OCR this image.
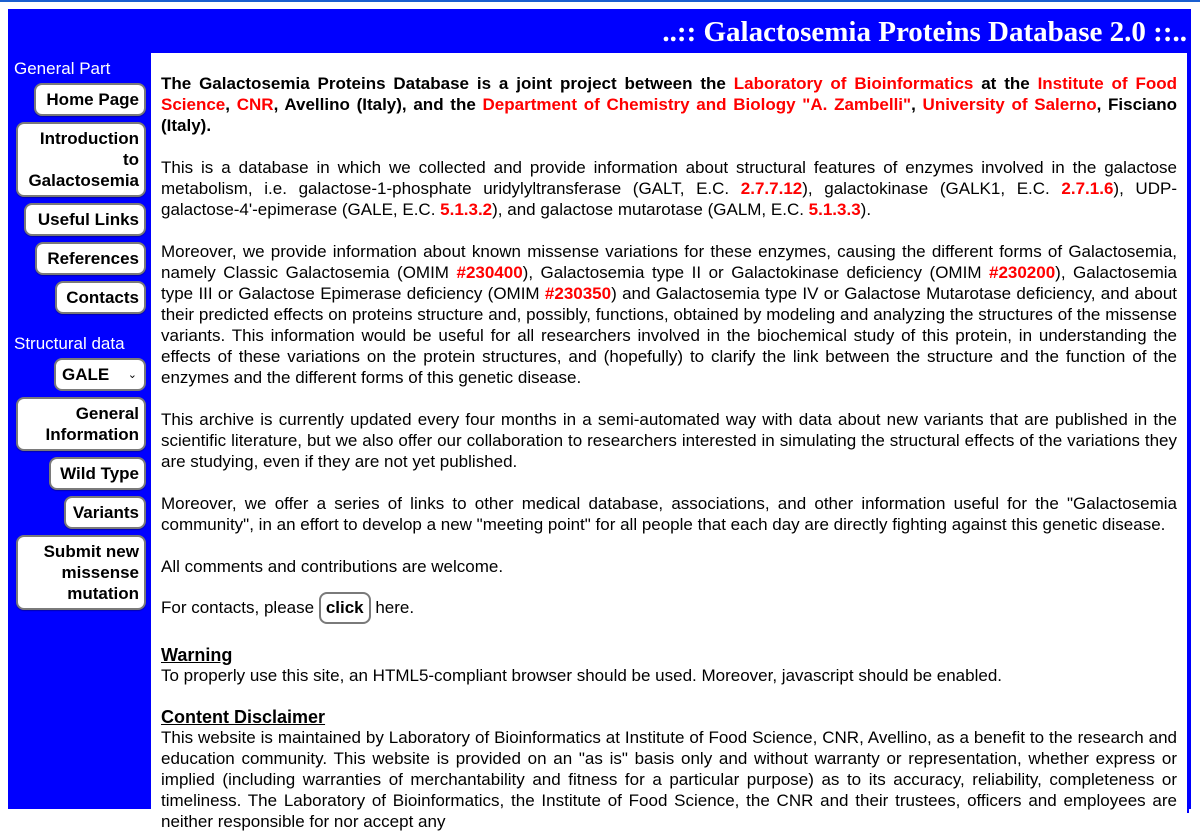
..:: Galactosemia Proteins Database 2.0 ::..
General Part
Home Page
Introduction to Galactosemia
Useful Links
References
Contacts
Structural data
GALE ⌄
General Information
Wild Type
Variants
Submit new missense mutation

The Galactosemia Proteins Database is a joint project between the Laboratory of Bioinformatics at the Institute of Food Science, CNR, Avellino (Italy), and the Department of Chemistry and Biology "A. Zambelli", University of Salerno, Fisciano (Italy).

This is a database in which we collected and provide information about structural features of enzymes involved in the galactose metabolism, i.e. galactose-1-phosphate uridylyltransferase (GALT, E.C. 2.7.7.12), galactokinase (GALK1, E.C. 2.7.1.6), UDP-galactose-4'-epimerase (GALE, E.C. 5.1.3.2), and galactose mutarotase (GALM, E.C. 5.1.3.3).

Moreover, we provide information about known missense variations for these enzymes, causing the different forms of Galactosemia, namely Classic Galactosemia (OMIM #230400), Galactosemia type II or Galactokinase deficiency (OMIM #230200), Galactosemia type III or Galactose Epimerase deficiency (OMIM #230350) and Galactosemia type IV or Galactose Mutarotase deficiency, and about their predicted effects on proteins structure and, possibly, functions, obtained by modeling and analyzing the structures of the missense variants. This information would be useful for all researchers involved in the biochemical study of this protein, in understanding the effects of these variations on the protein structures, and (hopefully) to clarify the link between the structure and the function of the enzymes and the different forms of this genetic disease.

This archive is currently updated every four months in a semi-automated way with data about new variants that are published in the scientific literature, but we also offer our collaboration to researchers interested in simulating the structural effects of the variations they are studying, even if they are not yet published.

Moreover, we offer a series of links to other medical database, associations, and other information useful for the "Galactosemia community", in an effort to develop a new "meeting point" for all people that each day are directly fighting against this genetic disease.

All comments and contributions are welcome.

For contacts, please click here.
Warning

To properly use this site, an HTML5-compliant browser should be used. Moreover, javascript should be enabled.

Content Disclaimer

This website is maintained by Laboratory of Bioinformatics at Institute of Food Science, CNR, Avellino, as a benefit to the research and education community. This website is provided on an "as is" basis only and without warranty or representation, whether express or implied (including warranties of merchantability and fitness for a particular purpose) as to its accuracy, reliability, completeness or timeliness. The Laboratory of Bioinformatics, the Institute of Food Science, the CNR and their trustees, officers and employees are neither responsible for nor accept any
